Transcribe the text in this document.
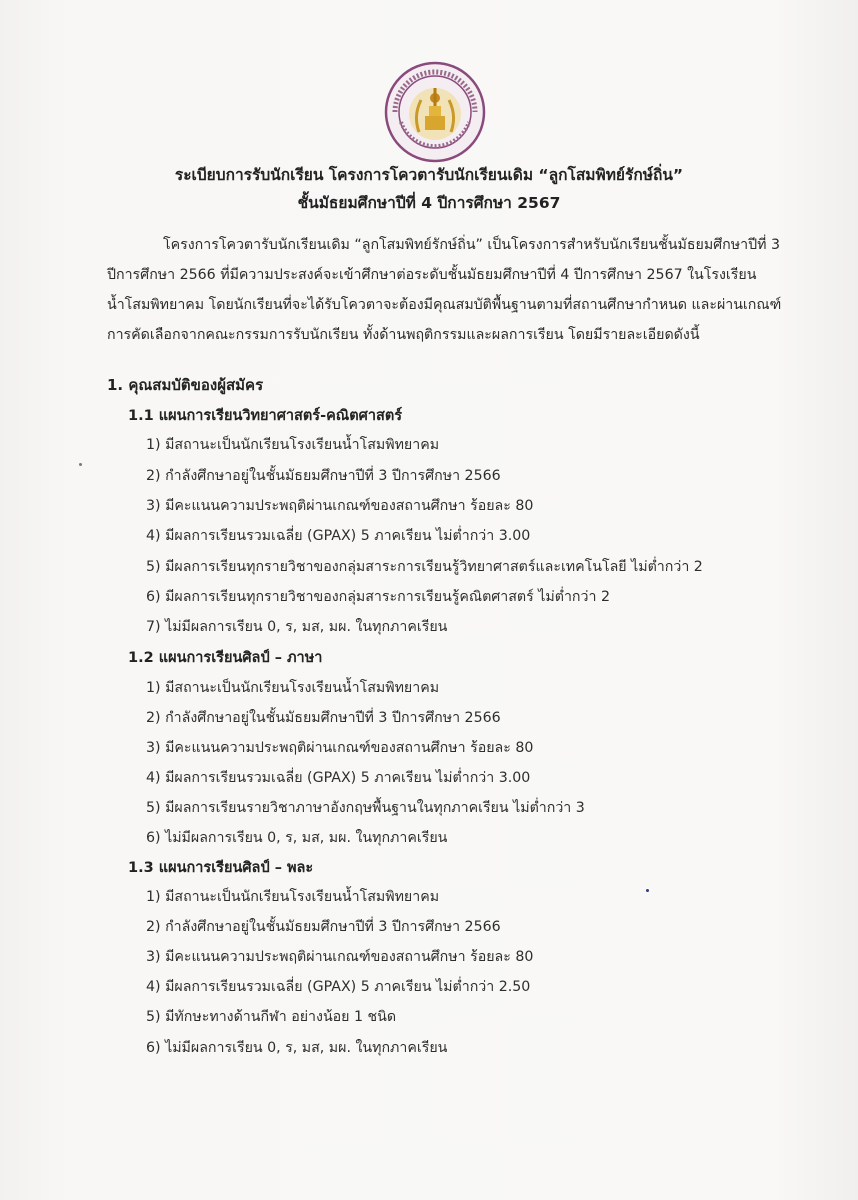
ระเบียบการรับนักเรียน โครงการโควตารับนักเรียนเดิม “ลูกโสมพิทย์รักษ์ถิ่น”
ชั้นมัธยมศึกษาปีที่ 4 ปีการศึกษา 2567
โครงการโควตารับนักเรียนเดิม “ลูกโสมพิทย์รักษ์ถิ่น” เป็นโครงการสำหรับนักเรียนชั้นมัธยมศึกษาปีที่ 3
ปีการศึกษา 2566 ที่มีความประสงค์จะเข้าศึกษาต่อระดับชั้นมัธยมศึกษาปีที่ 4 ปีการศึกษา 2567 ในโรงเรียน
น้ำโสมพิทยาคม โดยนักเรียนที่จะได้รับโควตาจะต้องมีคุณสมบัติพื้นฐานตามที่สถานศึกษากำหนด และผ่านเกณฑ์
การคัดเลือกจากคณะกรรมการรับนักเรียน ทั้งด้านพฤติกรรมและผลการเรียน โดยมีรายละเอียดดังนี้
1. คุณสมบัติของผู้สมัคร
1.1 แผนการเรียนวิทยาศาสตร์-คณิตศาสตร์
1) มีสถานะเป็นนักเรียนโรงเรียนน้ำโสมพิทยาคม
2) กำลังศึกษาอยู่ในชั้นมัธยมศึกษาปีที่ 3 ปีการศึกษา 2566
3) มีคะแนนความประพฤติผ่านเกณฑ์ของสถานศึกษา ร้อยละ 80
4) มีผลการเรียนรวมเฉลี่ย (GPAX) 5 ภาคเรียน ไม่ต่ำกว่า 3.00
5) มีผลการเรียนทุกรายวิชาของกลุ่มสาระการเรียนรู้วิทยาศาสตร์และเทคโนโลยี ไม่ต่ำกว่า 2
6) มีผลการเรียนทุกรายวิชาของกลุ่มสาระการเรียนรู้คณิตศาสตร์ ไม่ต่ำกว่า 2
7) ไม่มีผลการเรียน 0, ร, มส, มผ. ในทุกภาคเรียน
1.2 แผนการเรียนศิลป์ – ภาษา
1) มีสถานะเป็นนักเรียนโรงเรียนน้ำโสมพิทยาคม
2) กำลังศึกษาอยู่ในชั้นมัธยมศึกษาปีที่ 3 ปีการศึกษา 2566
3) มีคะแนนความประพฤติผ่านเกณฑ์ของสถานศึกษา ร้อยละ 80
4) มีผลการเรียนรวมเฉลี่ย (GPAX) 5 ภาคเรียน ไม่ต่ำกว่า 3.00
5) มีผลการเรียนรายวิชาภาษาอังกฤษพื้นฐานในทุกภาคเรียน ไม่ต่ำกว่า 3
6) ไม่มีผลการเรียน 0, ร, มส, มผ. ในทุกภาคเรียน
1.3 แผนการเรียนศิลป์ – พละ
1) มีสถานะเป็นนักเรียนโรงเรียนน้ำโสมพิทยาคม
2) กำลังศึกษาอยู่ในชั้นมัธยมศึกษาปีที่ 3 ปีการศึกษา 2566
3) มีคะแนนความประพฤติผ่านเกณฑ์ของสถานศึกษา ร้อยละ 80
4) มีผลการเรียนรวมเฉลี่ย (GPAX) 5 ภาคเรียน ไม่ต่ำกว่า 2.50
5) มีทักษะทางด้านกีฬา อย่างน้อย 1 ชนิด
6) ไม่มีผลการเรียน 0, ร, มส, มผ. ในทุกภาคเรียน
